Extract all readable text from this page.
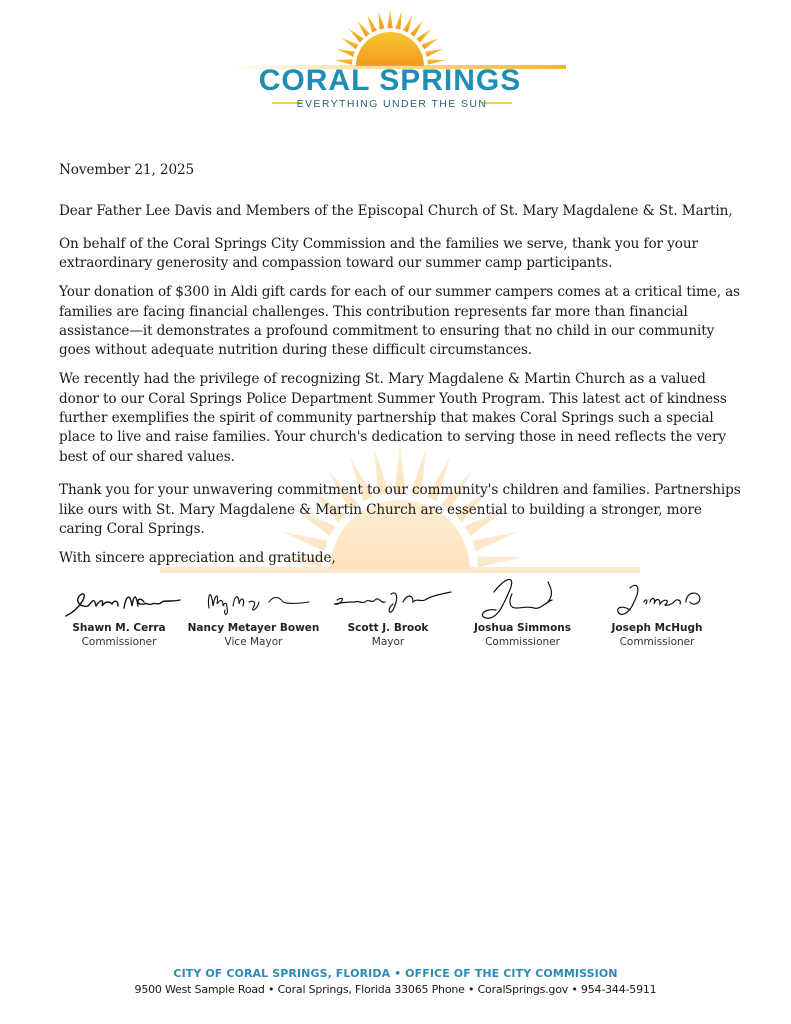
CORAL SPRINGS
EVERYTHING UNDER THE SUN

November 21, 2025

Dear Father Lee Davis and Members of the Episcopal Church of St. Mary Magdalene & St. Martin,

On behalf of the Coral Springs City Commission and the families we serve, thank you for your extraordinary generosity and compassion toward our summer camp participants.

Your donation of $300 in Aldi gift cards for each of our summer campers comes at a critical time, as families are facing financial challenges. This contribution represents far more than financial assistance—it demonstrates a profound commitment to ensuring that no child in our community goes without adequate nutrition during these difficult circumstances.

We recently had the privilege of recognizing St. Mary Magdalene & Martin Church as a valued donor to our Coral Springs Police Department Summer Youth Program. This latest act of kindness further exemplifies the spirit of community partnership that makes Coral Springs such a special place to live and raise families. Your church's dedication to serving those in need reflects the very best of our shared values.

Thank you for your unwavering commitment to our community's children and families. Partnerships like ours with St. Mary Magdalene & Martin Church are essential to building a stronger, more caring Coral Springs.

With sincere appreciation and gratitude,

Shawn M. Cerra
Commissioner
Nancy Metayer Bowen
Vice Mayor
Scott J. Brook
Mayor
Joshua Simmons
Commissioner
Joseph McHugh
Commissioner
CITY OF CORAL SPRINGS, FLORIDA • OFFICE OF THE CITY COMMISSION
9500 West Sample Road • Coral Springs, Florida 33065 Phone • CoralSprings.gov • 954-344-5911
